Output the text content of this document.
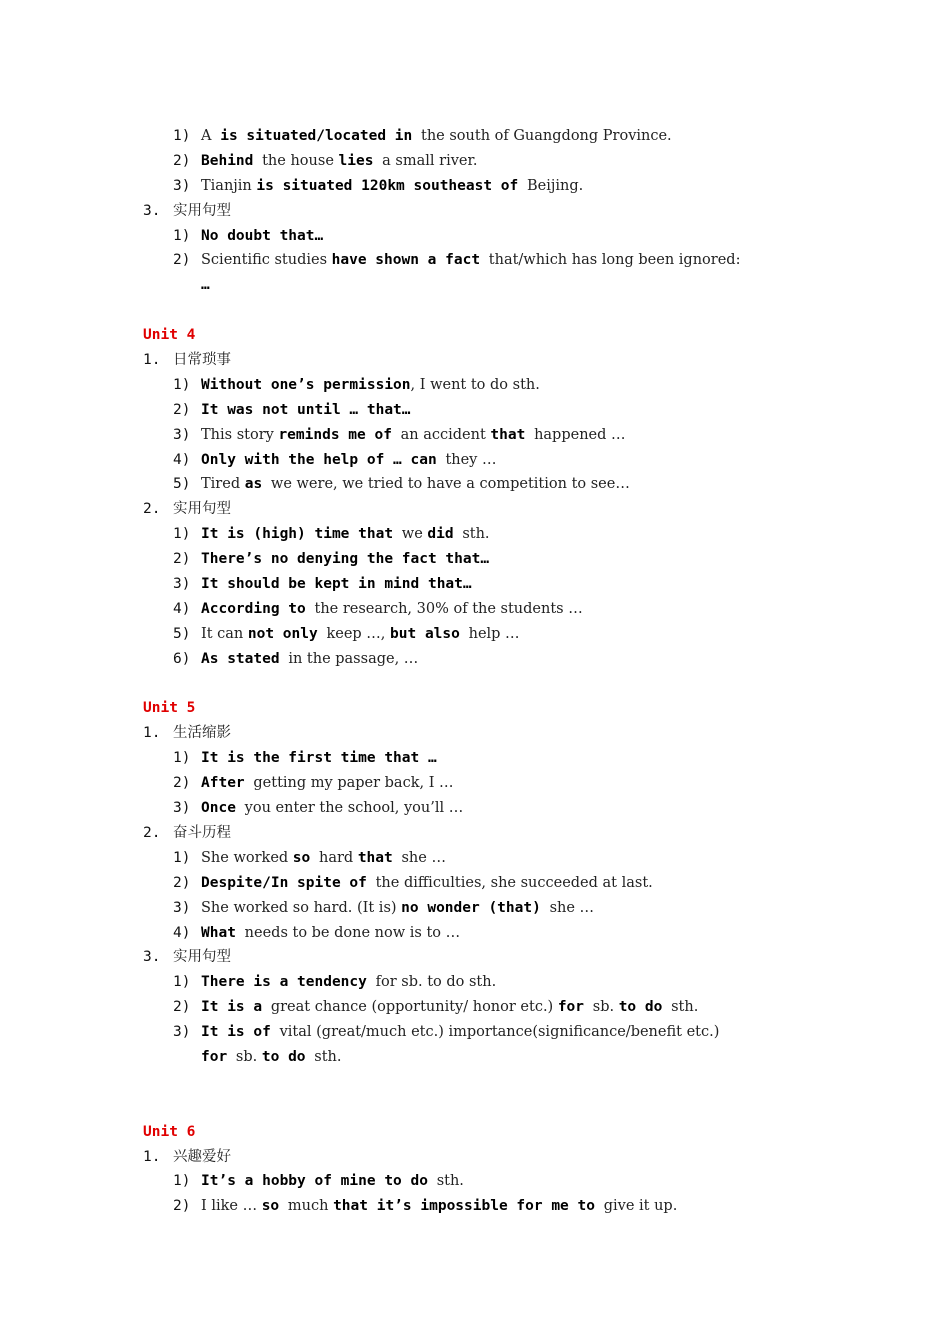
1) A is situated/located in the south of Guangdong Province.
2) Behind the house lies a small river.
3) Tianjin is situated 120km southeast of Beijing.
3. 实用句型
1) No doubt that…
2) Scientific studies have shown a fact that/which has long been ignored:
…
Unit 4
1. 日常琐事
1) Without one’s permission, I went to do sth.
2) It was not until … that…
3) This story reminds me of an accident that happened …
4) Only with the help of … can they …
5) Tired as we were, we tried to have a competition to see…
2. 实用句型
1) It is (high) time that we did sth.
2) There’s no denying the fact that…
3) It should be kept in mind that…
4) According to the research, 30% of the students …
5) It can not only keep …, but also help …
6) As stated in the passage, …
Unit 5
1. 生活缩影
1) It is the first time that …
2) After getting my paper back, I …
3) Once you enter the school, you’ll …
2. 奋斗历程
1) She worked so hard that she …
2) Despite/In spite of the difficulties, she succeeded at last.
3) She worked so hard. (It is) no wonder (that) she …
4) What needs to be done now is to …
3. 实用句型
1) There is a tendency for sb. to do sth.
2) It is a great chance (opportunity/ honor etc.) for sb. to do sth.
3) It is of vital (great/much etc.) importance(significance/benefit etc.)
for sb. to do sth.
Unit 6
1. 兴趣爱好
1) It’s a hobby of mine to do sth.
2) I like … so much that it’s impossible for me to give it up.
